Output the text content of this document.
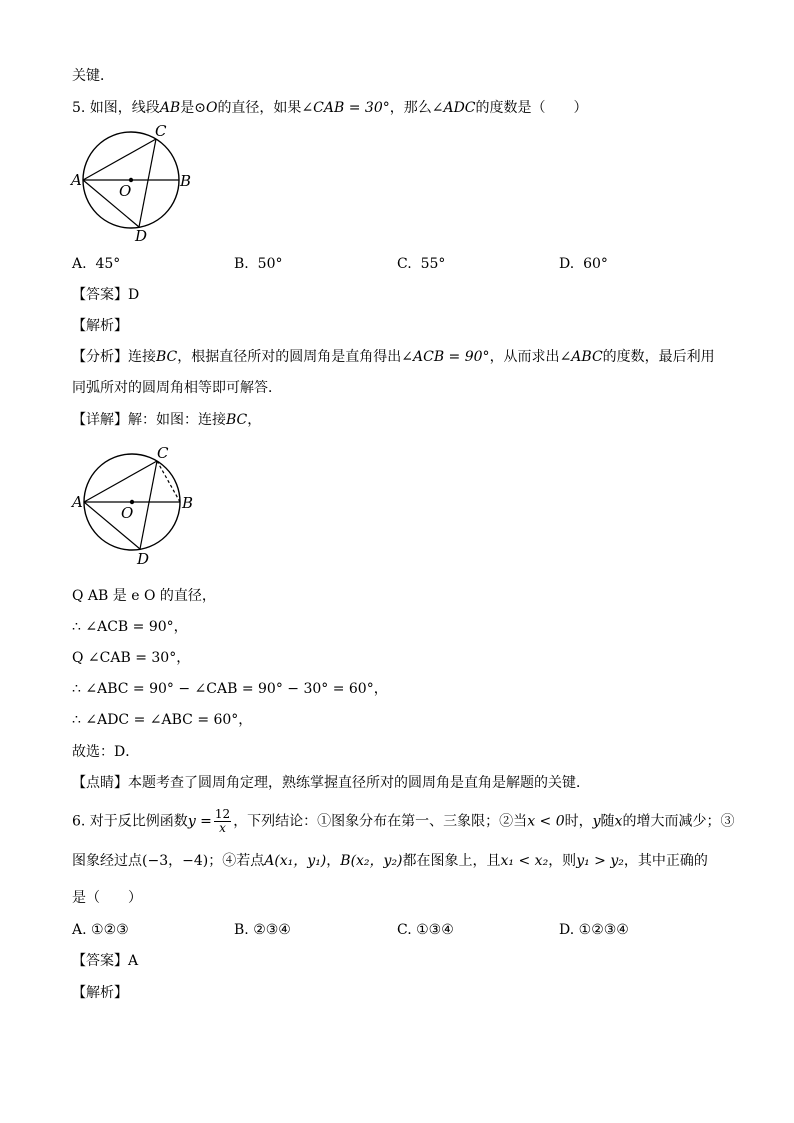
关键．
5. 如图，线段AB是⊙O的直径，如果∠CAB = 30°，那么∠ADC的度数是（　　）
A	B
C
D
O
A. 45°	B. 50°	C. 55°	D. 60°
【答案】D
【解析】
【分析】连接BC，根据直径所对的圆周角是直角得出∠ACB = 90°，从而求出∠ABC的度数，最后利用
同弧所对的圆周角相等即可解答．
【详解】解：如图：连接BC，
A	B
C
D
O
Q AB 是 e O 的直径，
∴ ∠ACB = 90°，
Q ∠CAB = 30°，
∴ ∠ABC = 90° − ∠CAB = 90° − 30° = 60°，
∴ ∠ADC = ∠ABC = 60°，
故选：D．
【点睛】本题考查了圆周角定理，熟练掌握直径所对的圆周角是直角是解题的关键．
6. 对于反比例函数$y = \frac{12}{x}$ ，下列结论：①图象分布在第一、三象限；②当x < 0时，y随x的增大而减少；③
图象经过点(−3，−4)；④若点A(x₁，y₁)，B(x₂，y₂)都在图象上，且x₁ < x₂，则y₁ > y₂，其中正确的
是（　　）
A. ①②③	B. ②③④	C. ①③④	D. ①②③④
【答案】A
【解析】
